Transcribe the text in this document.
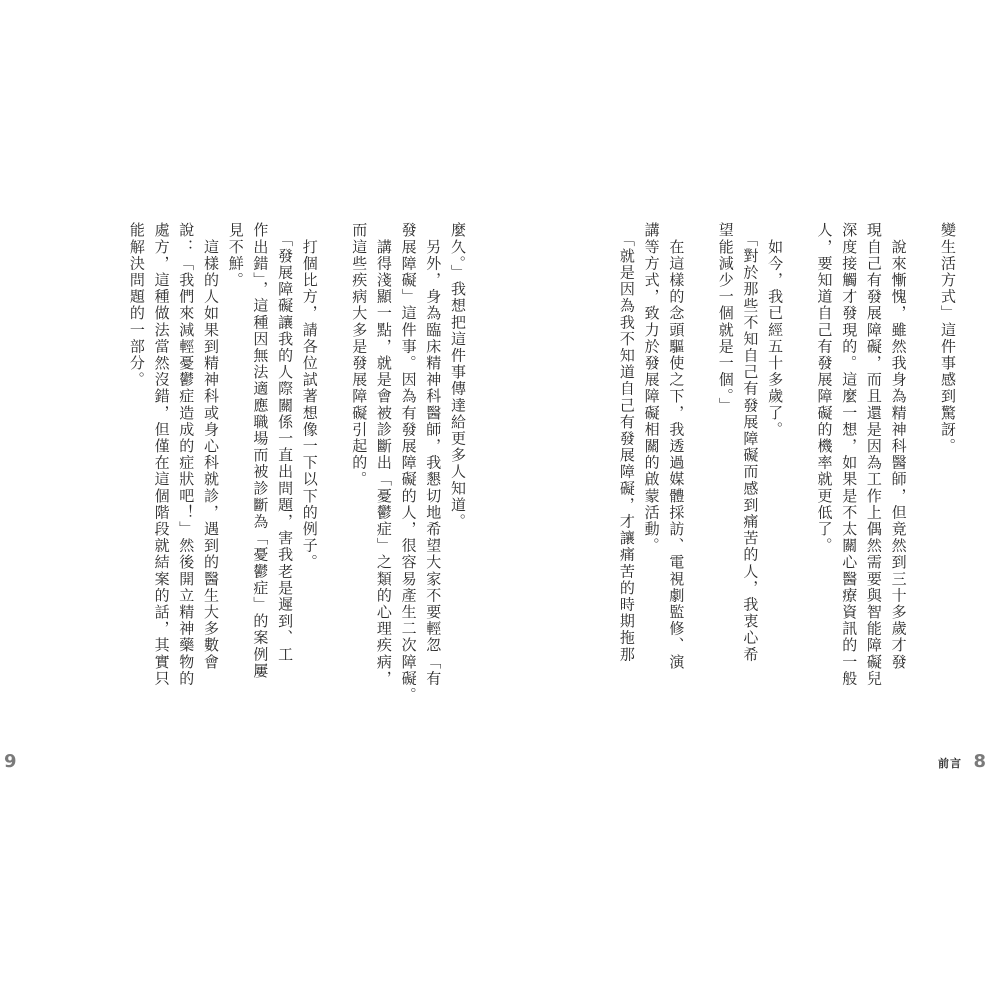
麼久。」我想把這件事傳達給更多人知道。
　另外，身為臨床精神科醫師，我懇切地希望大家不要輕忽「有
發展障礙」這件事。因為有發展障礙的人，很容易產生二次障礙。
　講得淺顯一點，就是會被診斷出「憂鬱症」之類的心理疾病，
而這些疾病大多是發展障礙引起的。
　打個比方，請各位試著想像一下以下的例子。
　「發展障礙讓我的人際關係一直出問題，害我老是遲到、工
作出錯」，這種因無法適應職場而被診斷為「憂鬱症」的案例屢
見不鮮。
　這樣的人如果到精神科或身心科就診，遇到的醫生大多數會
說：「我們來減輕憂鬱症造成的症狀吧！」然後開立精神藥物的
處方，這種做法當然沒錯，但僅在這個階段就結案的話，其實只
能解決問題的一部分。
9
變生活方式」這件事感到驚訝。
　說來慚愧，雖然我身為精神科醫師，但竟然到三十多歲才發
現自己有發展障礙，而且還是因為工作上偶然需要與智能障礙兒
深度接觸才發現的。這麼一想，如果是不太關心醫療資訊的一般
人，要知道自己有發展障礙的機率就更低了。
　如今，我已經五十多歲了。
　「對於那些不知自己有發展障礙而感到痛苦的人，我衷心希
望能減少一個就是一個。」
　在這樣的念頭驅使之下，我透過媒體採訪、電視劇監修、演
講等方式，致力於發展障礙相關的啟蒙活動。
　「就是因為我不知道自己有發展障礙，才讓痛苦的時期拖那
前言 8
